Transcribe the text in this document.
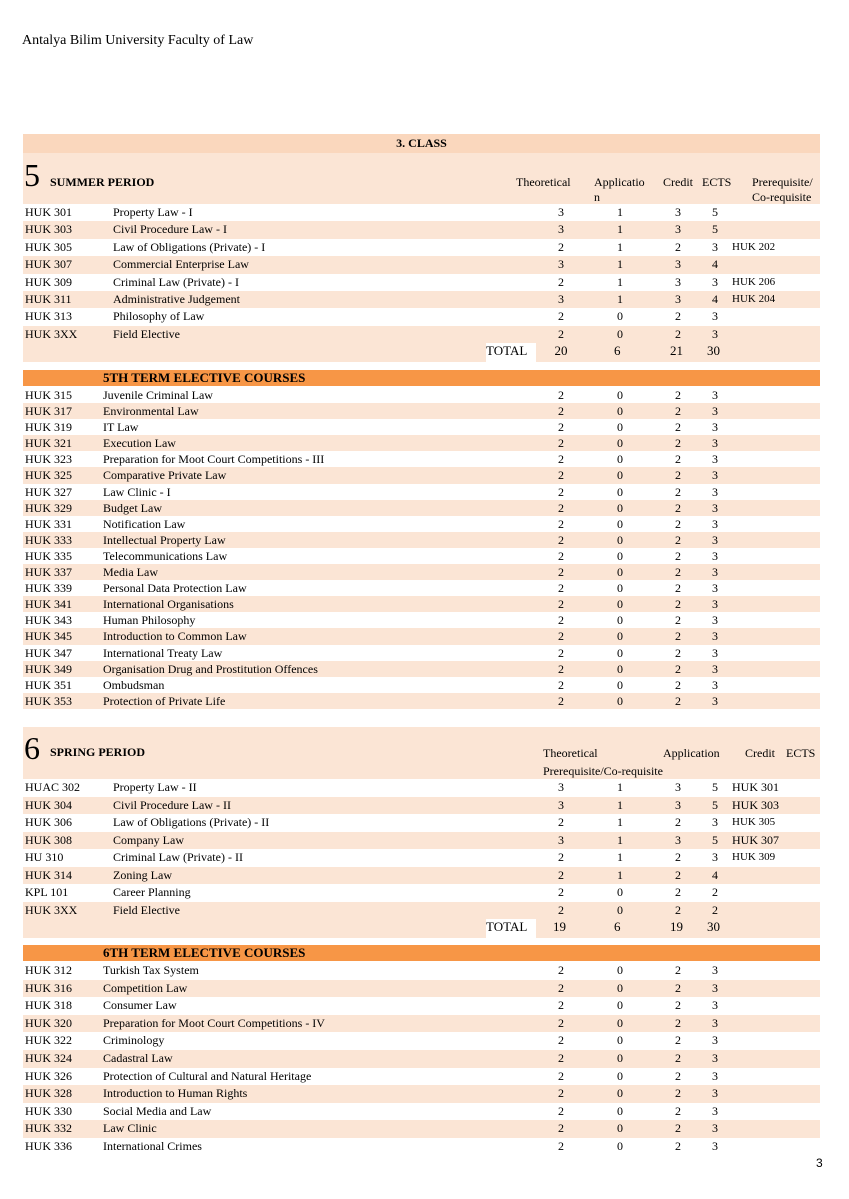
Antalya Bilim University Faculty of Law
3. CLASS
5 SUMMER PERIOD	Theoretical Applicatio
n
Credit ECTS Prerequisite/
Co-requisite
HUK 301	Property Law - I	3	1	3	5
HUK 303	Civil Procedure Law - I	3	1	3	5
HUK 305	Law of Obligations (Private) - I	2	1	2	3 HUK 202
HUK 307	Commercial Enterprise Law	3	1	3	4
HUK 309	Criminal Law (Private) - I	2	1	3	3 HUK 206
HUK 311	Administrative Judgement	3	1	3	4 HUK 204
HUK 313	Philosophy of Law	2	0	2	3
HUK 3XX	Field Elective	2	0	2	3
TOTAL	20	6	21 30
5TH TERM ELECTIVE COURSES
HUK 315	Juvenile Criminal Law	2	0	2	3
HUK 317	Environmental Law	2	0	2	3
HUK 319	IT Law	2	0	2	3
HUK 321	Execution Law	2	0	2	3
HUK 323	Preparation for Moot Court Competitions - III	2	0	2	3
HUK 325	Comparative Private Law	2	0	2	3
HUK 327	Law Clinic - I	2	0	2	3
HUK 329	Budget Law	2	0	2	3
HUK 331	Notification Law	2	0	2	3
HUK 333	Intellectual Property Law	2	0	2	3
HUK 335	Telecommunications Law	2	0	2	3
HUK 337	Media Law	2	0	2	3
HUK 339	Personal Data Protection Law	2	0	2	3
HUK 341	International Organisations	2	0	2	3
HUK 343	Human Philosophy	2	0	2	3
HUK 345	Introduction to Common Law	2	0	2	3
HUK 347	International Treaty Law	2	0	2	3
HUK 349	Organisation Drug and Prostitution Offences	2	0	2	3
HUK 351	Ombudsman	2	0	2	3
HUK 353	Protection of Private Life	2	0	2	3
6 SPRING PERIOD	Theoretical	Application Credit ECTS
Prerequisite/Co-requisite
HUAC 302	Property Law - II	3	1	3	5 HUK 301
HUK 304	Civil Procedure Law - II	3	1	3	5 HUK 303
HUK 306	Law of Obligations (Private) - II	2	1	2	3 HUK 305
HUK 308	Company Law	3	1	3	5 HUK 307
HU 310	Criminal Law (Private) - II	2	1	2	3 HUK 309
HUK 314	Zoning Law	2	1	2	4
KPL 101	Career Planning	2	0	2	2
HUK 3XX	Field Elective	2	0	2	2
TOTAL	19	6	19 30
6TH TERM ELECTIVE COURSES
HUK 312	Turkish Tax System	2	0	2	3
HUK 316	Competition Law	2	0	2	3
HUK 318	Consumer Law	2	0	2	3
HUK 320	Preparation for Moot Court Competitions - IV	2	0	2	3
HUK 322	Criminology	2	0	2	3
HUK 324	Cadastral Law	2	0	2	3
HUK 326	Protection of Cultural and Natural Heritage	2	0	2	3
HUK 328	Introduction to Human Rights	2	0	2	3
HUK 330	Social Media and Law	2	0	2	3
HUK 332	Law Clinic	2	0	2	3
HUK 336	International Crimes	2	0	2	3
3
